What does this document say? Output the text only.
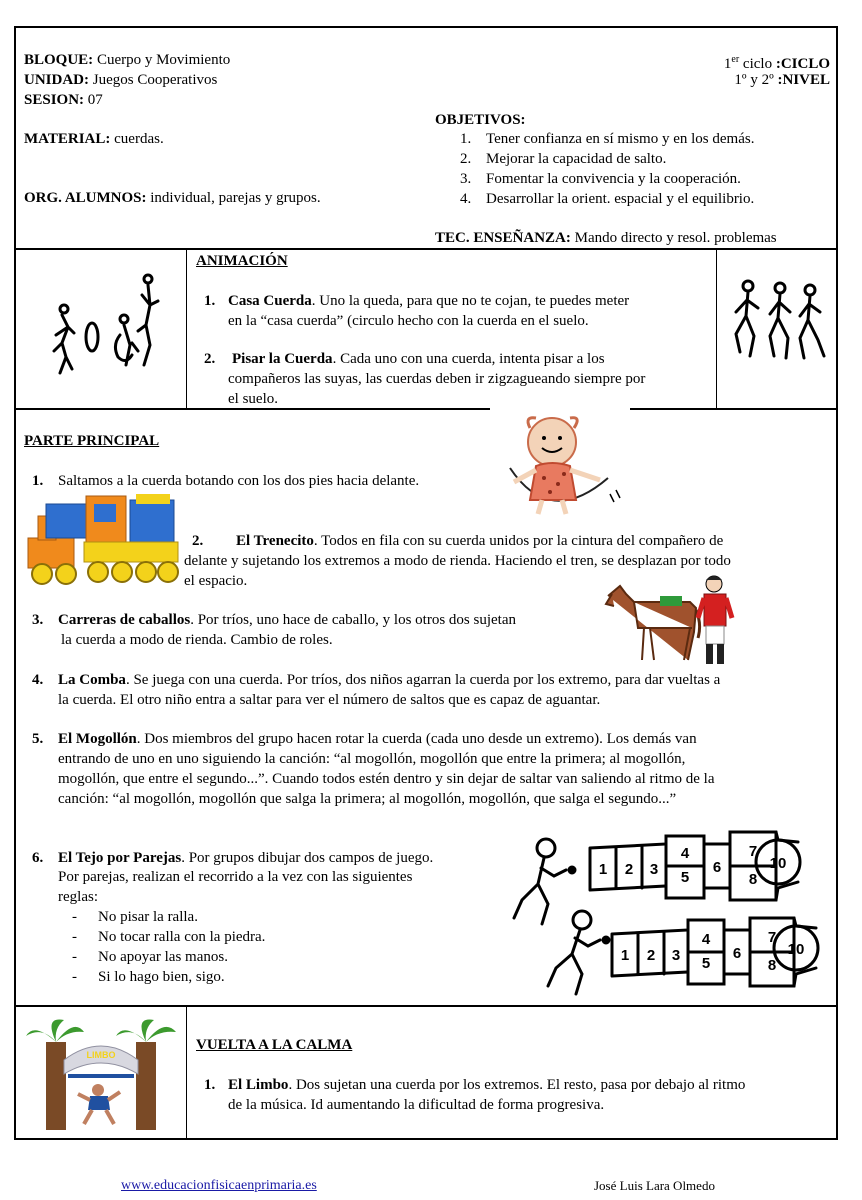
BLOQUE: Cuerpo y Movimiento
UNIDAD: Juegos Cooperativos
SESION: 07
1er ciclo :CICLO
1º y 2º :NIVEL
MATERIAL: cuerdas.
ORG. ALUMNOS: individual, parejas y grupos.
OBJETIVOS:
1. Tener confianza en sí mismo y en los demás.
2. Mejorar la capacidad de salto.
3. Fomentar la convivencia y la cooperación.
4. Desarrollar la orient. espacial y el equilibrio.
TEC. ENSEÑANZA: Mando directo y resol. problemas
ANIMACIÓN
1. Casa Cuerda. Uno la queda, para que no te cojan, te puedes meter
en la “casa cuerda” (circulo hecho con la cuerda en el suelo.
2. Pisar la Cuerda. Cada uno con una cuerda, intenta pisar a los
compañeros las suyas, las cuerdas deben ir zigzagueando siempre por
el suelo.
PARTE PRINCIPAL
1. Saltamos a la cuerda botando con los dos pies hacia delante.
2. El Trenecito. Todos en fila con su cuerda unidos por la cintura del compañero de
delante y sujetando los extremos a modo de rienda. Haciendo el tren, se desplazan por todo
el espacio.
3. Carreras de caballos. Por tríos, uno hace de caballo, y los otros dos sujetan
la cuerda a modo de rienda. Cambio de roles.
4. La Comba. Se juega con una cuerda. Por tríos, dos niños agarran la cuerda por los extremo, para dar vueltas a
la cuerda. El otro niño entra a saltar para ver el número de saltos que es capaz de aguantar.
5. El Mogollón. Dos miembros del grupo hacen rotar la cuerda (cada uno desde un extremo). Los demás van
entrando de uno en uno siguiendo la canción: “al mogollón, mogollón que entre la primera; al mogollón,
mogollón, que entre el segundo...”. Cuando todos estén dentro y sin dejar de saltar van saliendo al ritmo de la
canción: “al mogollón, mogollón que salga la primera; al mogollón, mogollón, que salga el segundo...”
6. El Tejo por Parejas. Por grupos dibujar dos campos de juego.
Por parejas, realizan el recorrido a la vez con las siguientes
reglas:
- No pisar la ralla.
- No tocar ralla con la piedra.
- No apoyar las manos.
- Si lo hago bien, sigo.
1 2 3
4
5
6
7
8
10
1 2 3
4
5
6
7
8
10
LIMBO
VUELTA A LA CALMA
1. El Limbo. Dos sujetan una cuerda por los extremos. El resto, pasa por debajo al ritmo
de la música. Id aumentando la dificultad de forma progresiva.
www.educacionfisicaenprimaria.es	José Luis Lara Olmedo
